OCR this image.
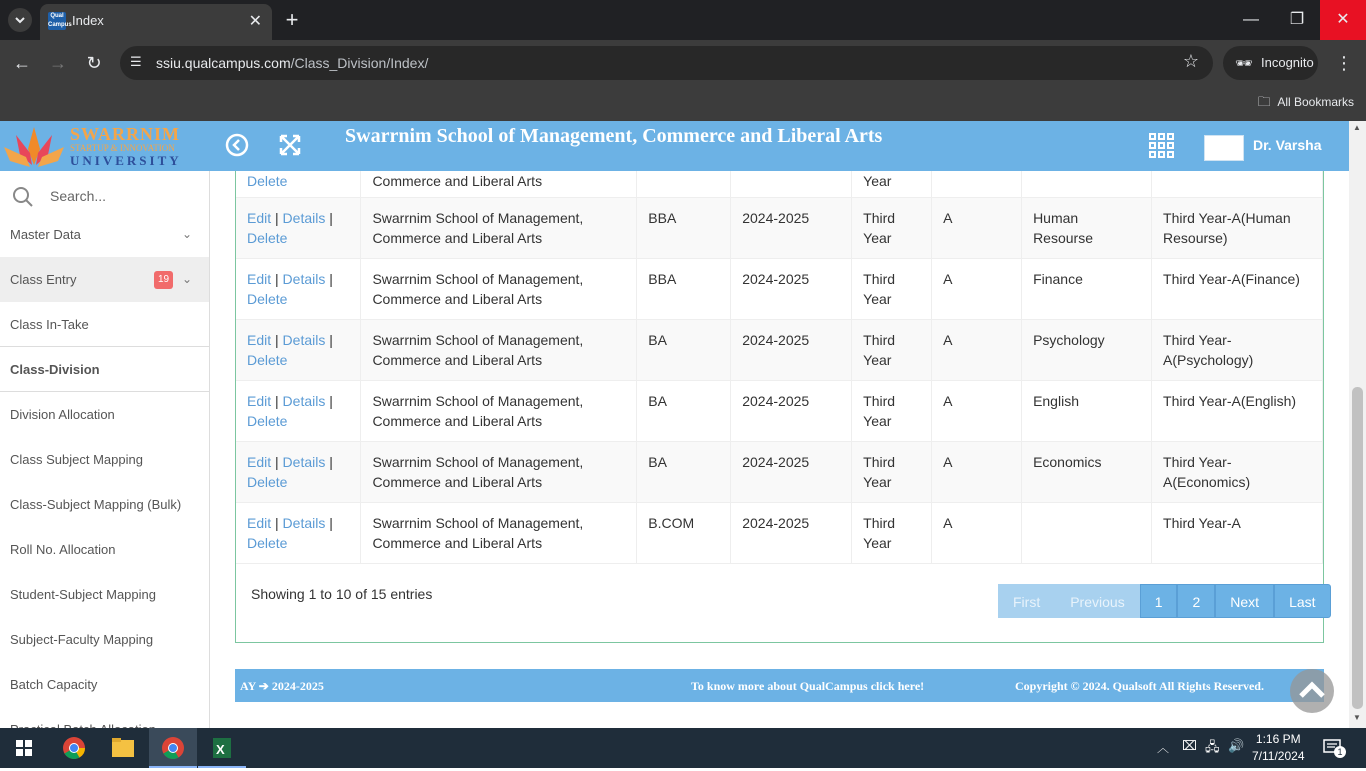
Qual Campus Index	✕ +	—	❐	✕
←	→	↻	☰ ssiu.qualcampus.com/Class_Division/Index/	☆	🕶 Incognito	⋮
🗀 All Bookmarks
SWARRNIM
STARTUP & INNOVATION
UNIVERSITY
Swarrnim School of Management, Commerce and Liberal Arts	Dr. Varsha
Search...
Master Data	⌄
Class Entry	19	⌄
Class In-Take
Class-Division
Division Allocation
Class Subject Mapping
Class-Subject Mapping (Bulk)
Roll No. Allocation
Student-Subject Mapping
Subject-Faculty Mapping
Batch Capacity
Delete	Commerce and Liberal Arts			Year			
Edit | Details |
Delete	Swarrnim School of Management, Commerce and Liberal Arts	BBA	2024-2025	Third Year	A	Human Resourse	Third Year-A(Human Resourse)
Edit | Details |
Delete	Swarrnim School of Management, Commerce and Liberal Arts	BBA	2024-2025	Third Year	A	Finance	Third Year-A(Finance)
Edit | Details |
Delete	Swarrnim School of Management, Commerce and Liberal Arts	BA	2024-2025	Third Year	A	Psychology	Third Year-A(Psychology)
Edit | Details |
Delete	Swarrnim School of Management, Commerce and Liberal Arts	BA	2024-2025	Third Year	A	English	Third Year-A(English)
Edit | Details |
Delete	Swarrnim School of Management, Commerce and Liberal Arts	BA	2024-2025	Third Year	A	Economics	Third Year-A(Economics)
Edit | Details |
Delete	Swarrnim School of Management, Commerce and Liberal Arts	B.COM	2024-2025	Third Year	A		Third Year-A
Showing 1 to 10 of 15 entries	First	Previous	1	2	Next	Last
AY ➔ 2024-2025	To know more about QualCampus click here!	Copyright © 2024. Qualsoft All Rights Reserved.
▲
▼
X	︿ ⌧ 🖧 🔊 1:16 PM
7/11/2024	1
